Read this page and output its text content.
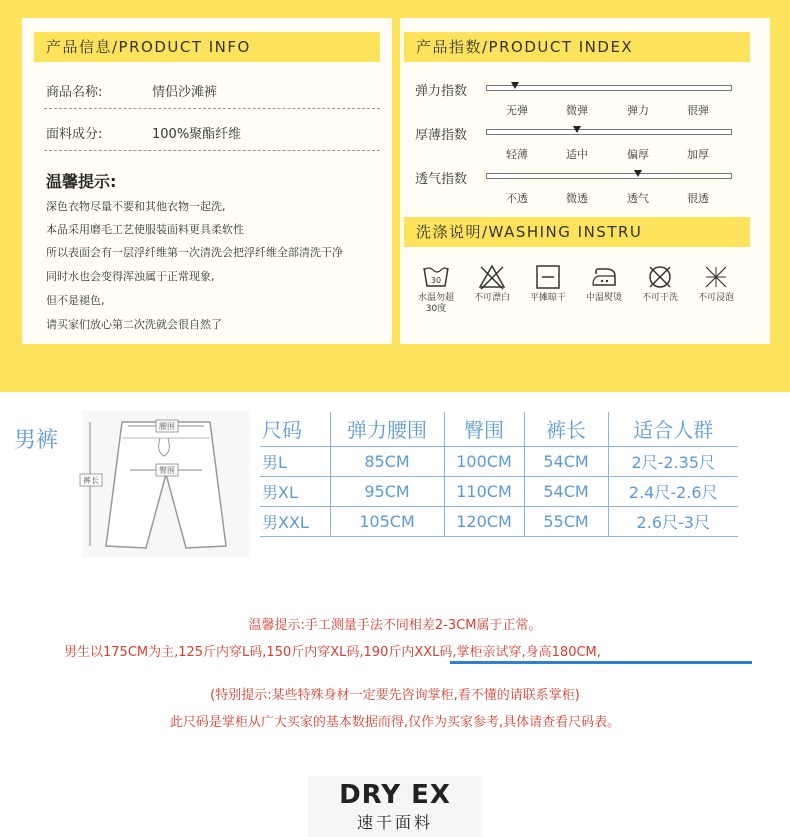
产品信息/PRODUCT INFO
商品名称:	情侣沙滩裤
面料成分:	100%聚酯纤维
温馨提示:
深色衣物尽量不要和其他衣物一起洗,
本品采用磨毛工艺使服装面料更具柔软性
所以表面会有一层浮纤维第一次清洗会把浮纤维全部清洗干净
同时水也会变得浑浊属于正常现象,
但不是褪色,
请买家们放心第二次洗就会很自然了
产品指数/PRODUCT INDEX
弹力指数
无弹	微弹	弹力	很弹
厚薄指数
轻薄	适中	偏厚	加厚
透气指数
不透	微透	透气	很透
洗涤说明/WASHING INSTRU
30
水温勿超
30度
不可漂白	平摊晾干	中温熨烫	不可干洗	不可浸泡
男裤
腰围
臀围
裤长
尺码	弹力腰围	臀围	裤长	适合人群
男L	85CM	100CM	54CM	2尺-2.35尺
男XL	95CM	110CM	54CM	2.4尺-2.6尺
男XXL	105CM	120CM	55CM	2.6尺-3尺
温馨提示:手工测量手法不同相差2-3CM属于正常。
男生以175CM为主,125斤内穿L码,150斤内穿XL码,190斤内XXL码,掌柜亲试穿,身高180CM,
(特别提示:某些特殊身材一定要先咨询掌柜,看不懂的请联系掌柜)
此尺码是掌柜从广大买家的基本数据而得,仅作为买家参考,具体请查看尺码表。
DRY EX
速干面料
